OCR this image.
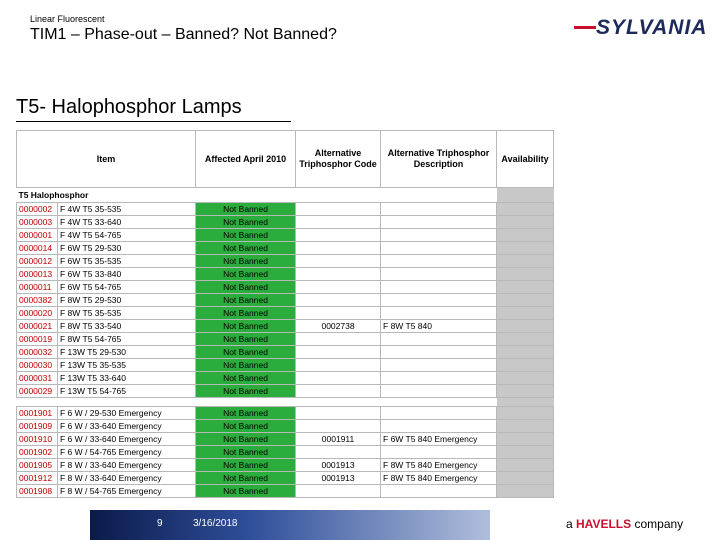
Linear Fluorescent
TIM1 – Phase-out – Banned? Not Banned?	SYLVANIA
T5- Halophosphor Lamps
Item		Affected April 2010	Alternative Triphosphor Code	Alternative Triphosphor Description	Availability
T5 Halophosphor					
0000002	F 4W T5 35-535	Not Banned			
0000003	F 4W T5 33-640	Not Banned			
0000001	F 4W T5 54-765	Not Banned			
0000014	F 6W T5 29-530	Not Banned			
0000012	F 6W T5 35-535	Not Banned			
0000013	F 6W T5 33-840	Not Banned			
0000011	F 6W T5 54-765	Not Banned			
0000382	F 8W T5 29-530	Not Banned			
0000020	F 8W T5 35-535	Not Banned			
0000021	F 8W T5 33-540	Not Banned	0002738	F 8W T5 840	
0000019	F 8W T5 54-765	Not Banned			
0000032	F 13W T5 29-530	Not Banned			
0000030	F 13W T5 35-535	Not Banned			
0000031	F 13W T5 33-640	Not Banned			
0000029	F 13W T5 54-765	Not Banned			

0001901	F 6 W / 29-530 Emergency	Not Banned			
0001909	F 6 W / 33-640 Emergency	Not Banned			
0001910	F 6 W / 33-640 Emergency	Not Banned	0001911	F 6W T5 840 Emergency	
0001902	F 6 W / 54-765 Emergency	Not Banned			
0001905	F 8 W / 33-640 Emergency	Not Banned	0001913	F 8W T5 840 Emergency	
0001912	F 8 W / 33-640 Emergency	Not Banned	0001913	F 8W T5 840 Emergency	
0001908	F 8 W / 54-765 Emergency	Not Banned			
9	3/16/2018	a HAVELLS company
